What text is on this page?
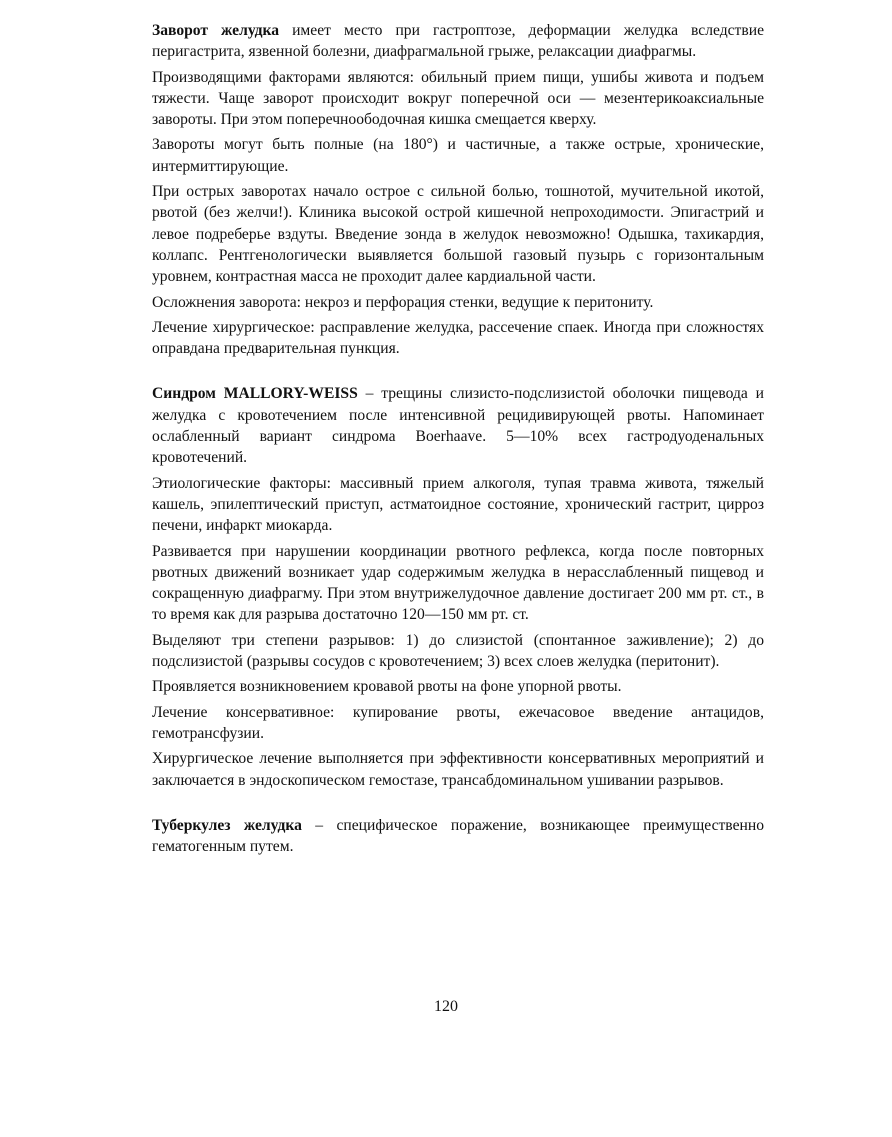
Заворот желудка имеет место при гастроптозе, деформации желудка вследствие перигастрита, язвенной болезни, диафрагмальной грыже, релаксации диафрагмы.

Производящими факторами являются: обильный прием пищи, ушибы живота и подъем тяжести. Чаще заворот происходит вокруг поперечной оси — мезентерикоаксиальные завороты. При этом поперечноободочная кишка смещается кверху.

Завороты могут быть полные (на 180°) и частичные, а также острые, хронические, интермиттирующие.

При острых заворотах начало острое с сильной болью, тошнотой, мучительной икотой, рвотой (без желчи!). Клиника высокой острой кишечной непроходимости. Эпигастрий и левое подреберье вздуты. Введение зонда в желудок невозможно! Одышка, тахикардия, коллапс. Рентгенологически выявляется большой газовый пузырь с горизонтальным уровнем, контрастная масса не проходит далее кардиальной части.

Осложнения заворота: некроз и перфорация стенки, ведущие к перитониту.

Лечение хирургическое: расправление желудка, рассечение спаек. Иногда при сложностях оправдана предварительная пункция.

Синдром MALLORY-WEISS – трещины слизисто-подслизистой оболочки пищевода и желудка с кровотечением после интенсивной рецидивирующей рвоты. Напоминает ослабленный вариант синдрома Boerhaave. 5—10% всех гастродуоденальных кровотечений.

Этиологические факторы: массивный прием алкоголя, тупая травма живота, тяжелый кашель, эпилептический приступ, астматоидное состояние, хронический гастрит, цирроз печени, инфаркт миокарда.

Развивается при нарушении координации рвотного рефлекса, когда после повторных рвотных движений возникает удар содержимым желудка в нерасслабленный пищевод и сокращенную диафрагму. При этом внутрижелудочное давление достигает 200 мм рт. ст., в то время как для разрыва достаточно 120—150 мм рт. ст.

Выделяют три степени разрывов: 1) до слизистой (спонтанное заживление); 2) до подслизистой (разрывы сосудов с кровотечением; 3) всех слоев желудка (перитонит).

Проявляется возникновением кровавой рвоты на фоне упорной рвоты.

Лечение консервативное: купирование рвоты, ежечасовое введение антацидов, гемотрансфузии.

Хирургическое лечение выполняется при эффективности консервативных мероприятий и заключается в эндоскопическом гемостазе, трансабдоминальном ушивании разрывов.

Туберкулез желудка – специфическое поражение, возникающее преимущественно гематогенным путем.

120
